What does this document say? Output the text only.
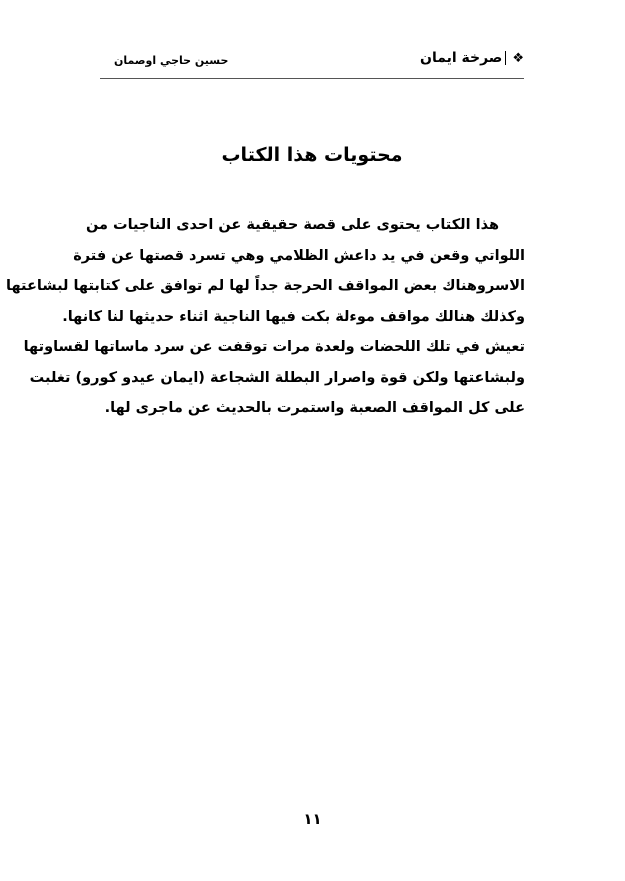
حسين حاجي اوصمان	❖
صرخة ايمان
محتويات هذا الكتاب

هذا الكتاب يحتوى على قصة حقيقية عن احدى الناجيات من
اللواتي وقعن في يد داعش الظلامي وهي تسرد قصتها عن فترة
الاسروهناك بعض المواقف الحرجة جداً لها لم توافق على كتابتها لبشاعتها
وكذلك هنالك مواقف موءلة بكت فيها الناجية اثناء حديثها لنا كانها.
تعيش في تلك اللحضات ولعدة مرات توقفت عن سرد ماساتها لقساوتها
ولبشاعتها ولكن قوة واصرار البطلة الشجاعة (ايمان عيدو كورو) تغلبت
على كل المواقف الصعبة واستمرت بالحديث عن ماجرى لها.

١١
